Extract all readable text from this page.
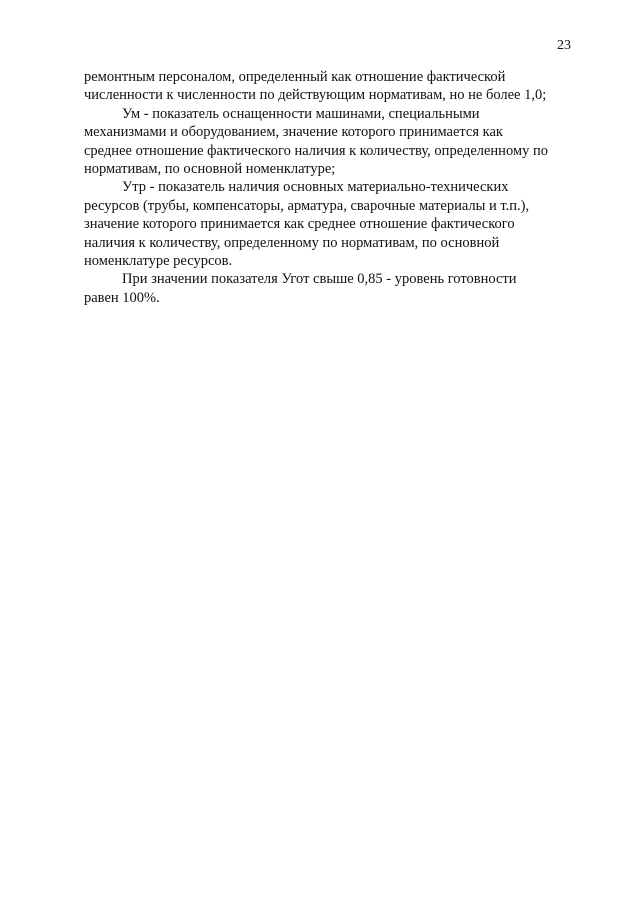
23

ремонтным персоналом, определенный как отношение фактической
численности к численности по действующим нормативам, но не более 1,0;

Ум - показатель оснащенности машинами, специальными
механизмами и оборудованием, значение которого принимается как
среднее отношение фактического наличия к количеству, определенному по
нормативам, по основной номенклатуре;

Утр - показатель наличия основных материально-технических
ресурсов (трубы, компенсаторы, арматура, сварочные материалы и т.п.),
значение которого принимается как среднее отношение фактического
наличия к количеству, определенному по нормативам, по основной
номенклатуре ресурсов.

При значении показателя Угот свыше 0,85 - уровень готовности
равен 100%.
